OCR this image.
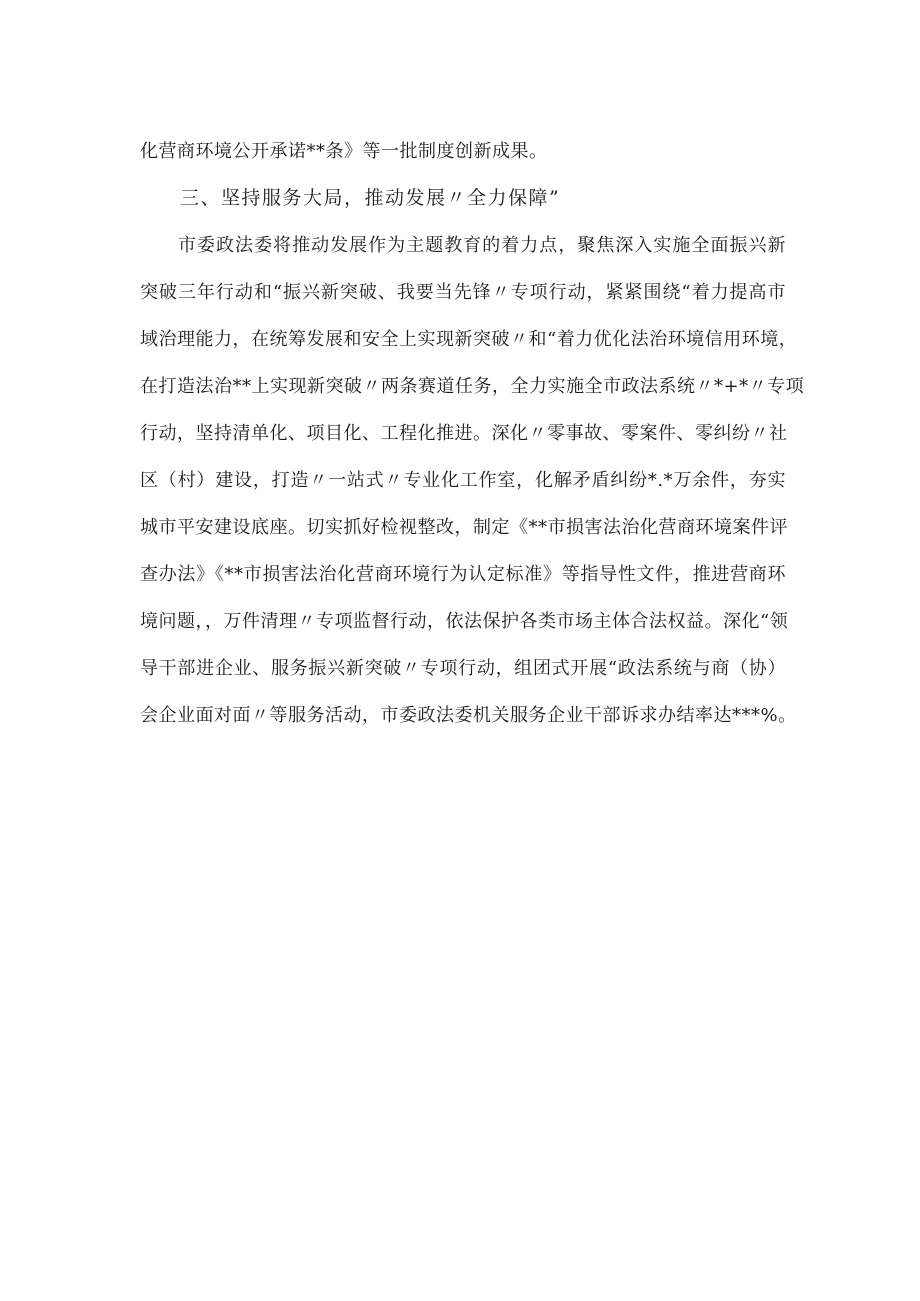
化营商环境公开承诺**条》等一批制度创新成果。
三、坚持服务大局，推动发展〃全力保障”
市委政法委将推动发展作为主题教育的着力点，聚焦深入实施全面振兴新
突破三年行动和“振兴新突破、我要当先锋〃专项行动，紧紧围绕“着力提高市
域治理能力，在统筹发展和安全上实现新突破〃和“着力优化法治环境信用环境，
在打造法治**上实现新突破〃两条赛道任务，全力实施全市政法系统〃*+*〃专项
行动，坚持清单化、项目化、工程化推进。深化〃零事故、零案件、零纠纷〃社
区（村）建设，打造〃一站式〃专业化工作室，化解矛盾纠纷*.*万余件，夯实
城市平安建设底座。切实抓好检视整改，制定《**市损害法治化营商环境案件评
查办法》《**市损害法治化营商环境行为认定标准》等指导性文件，推进营商环
境问题，，万件清理〃专项监督行动，依法保护各类市场主体合法权益。深化“领
导干部进企业、服务振兴新突破〃专项行动，组团式开展“政法系统与商（协）
会企业面对面〃等服务活动，市委政法委机关服务企业干部诉求办结率达***%。
